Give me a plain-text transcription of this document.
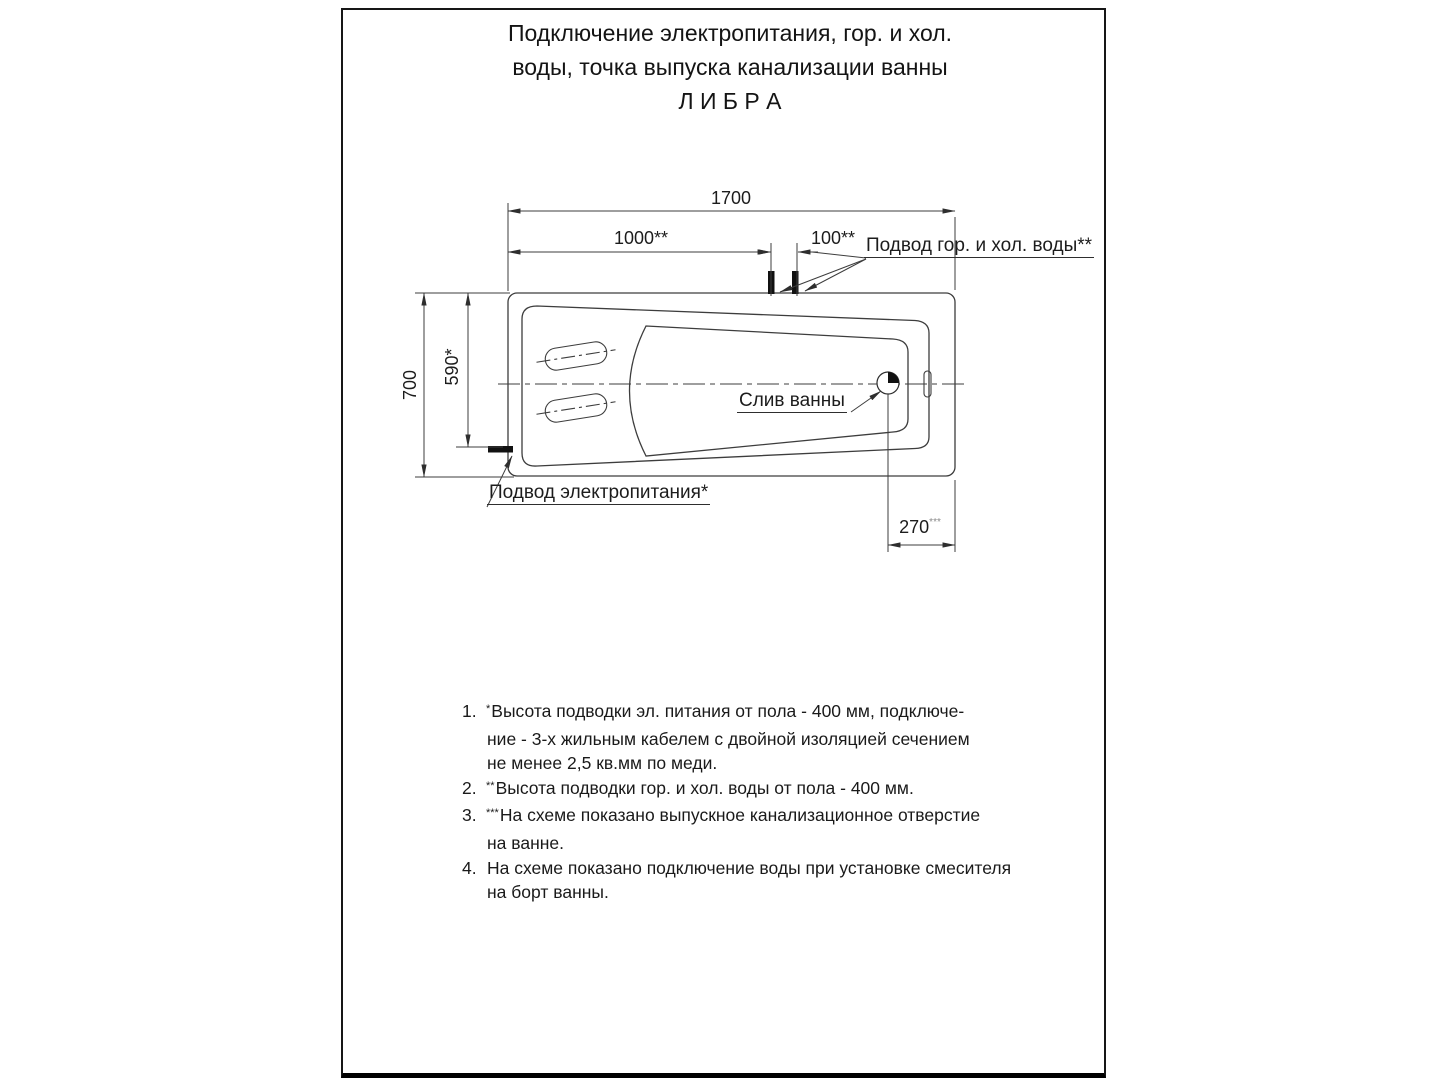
Подключение электропитания, гор. и хол.
воды, точка выпуска канализации ванны
Л И Б Р А
1700
1000**	100**
700 590*
270***
Подвод гор. и хол. воды**
Слив ванны
Подвод электропитания*
1. * Высота подводки эл. питания от пола - 400 мм, подключе-
ние - 3-х жильным кабелем с двойной изоляцией сечением
не менее 2,5 кв.мм по меди.
2. ** Высота подводки гор. и хол. воды от пола - 400 мм.
3. *** На схеме показано выпускное канализационное отверстие
на ванне.
4. На схеме показано подключение воды при установке смесителя
на борт ванны.
